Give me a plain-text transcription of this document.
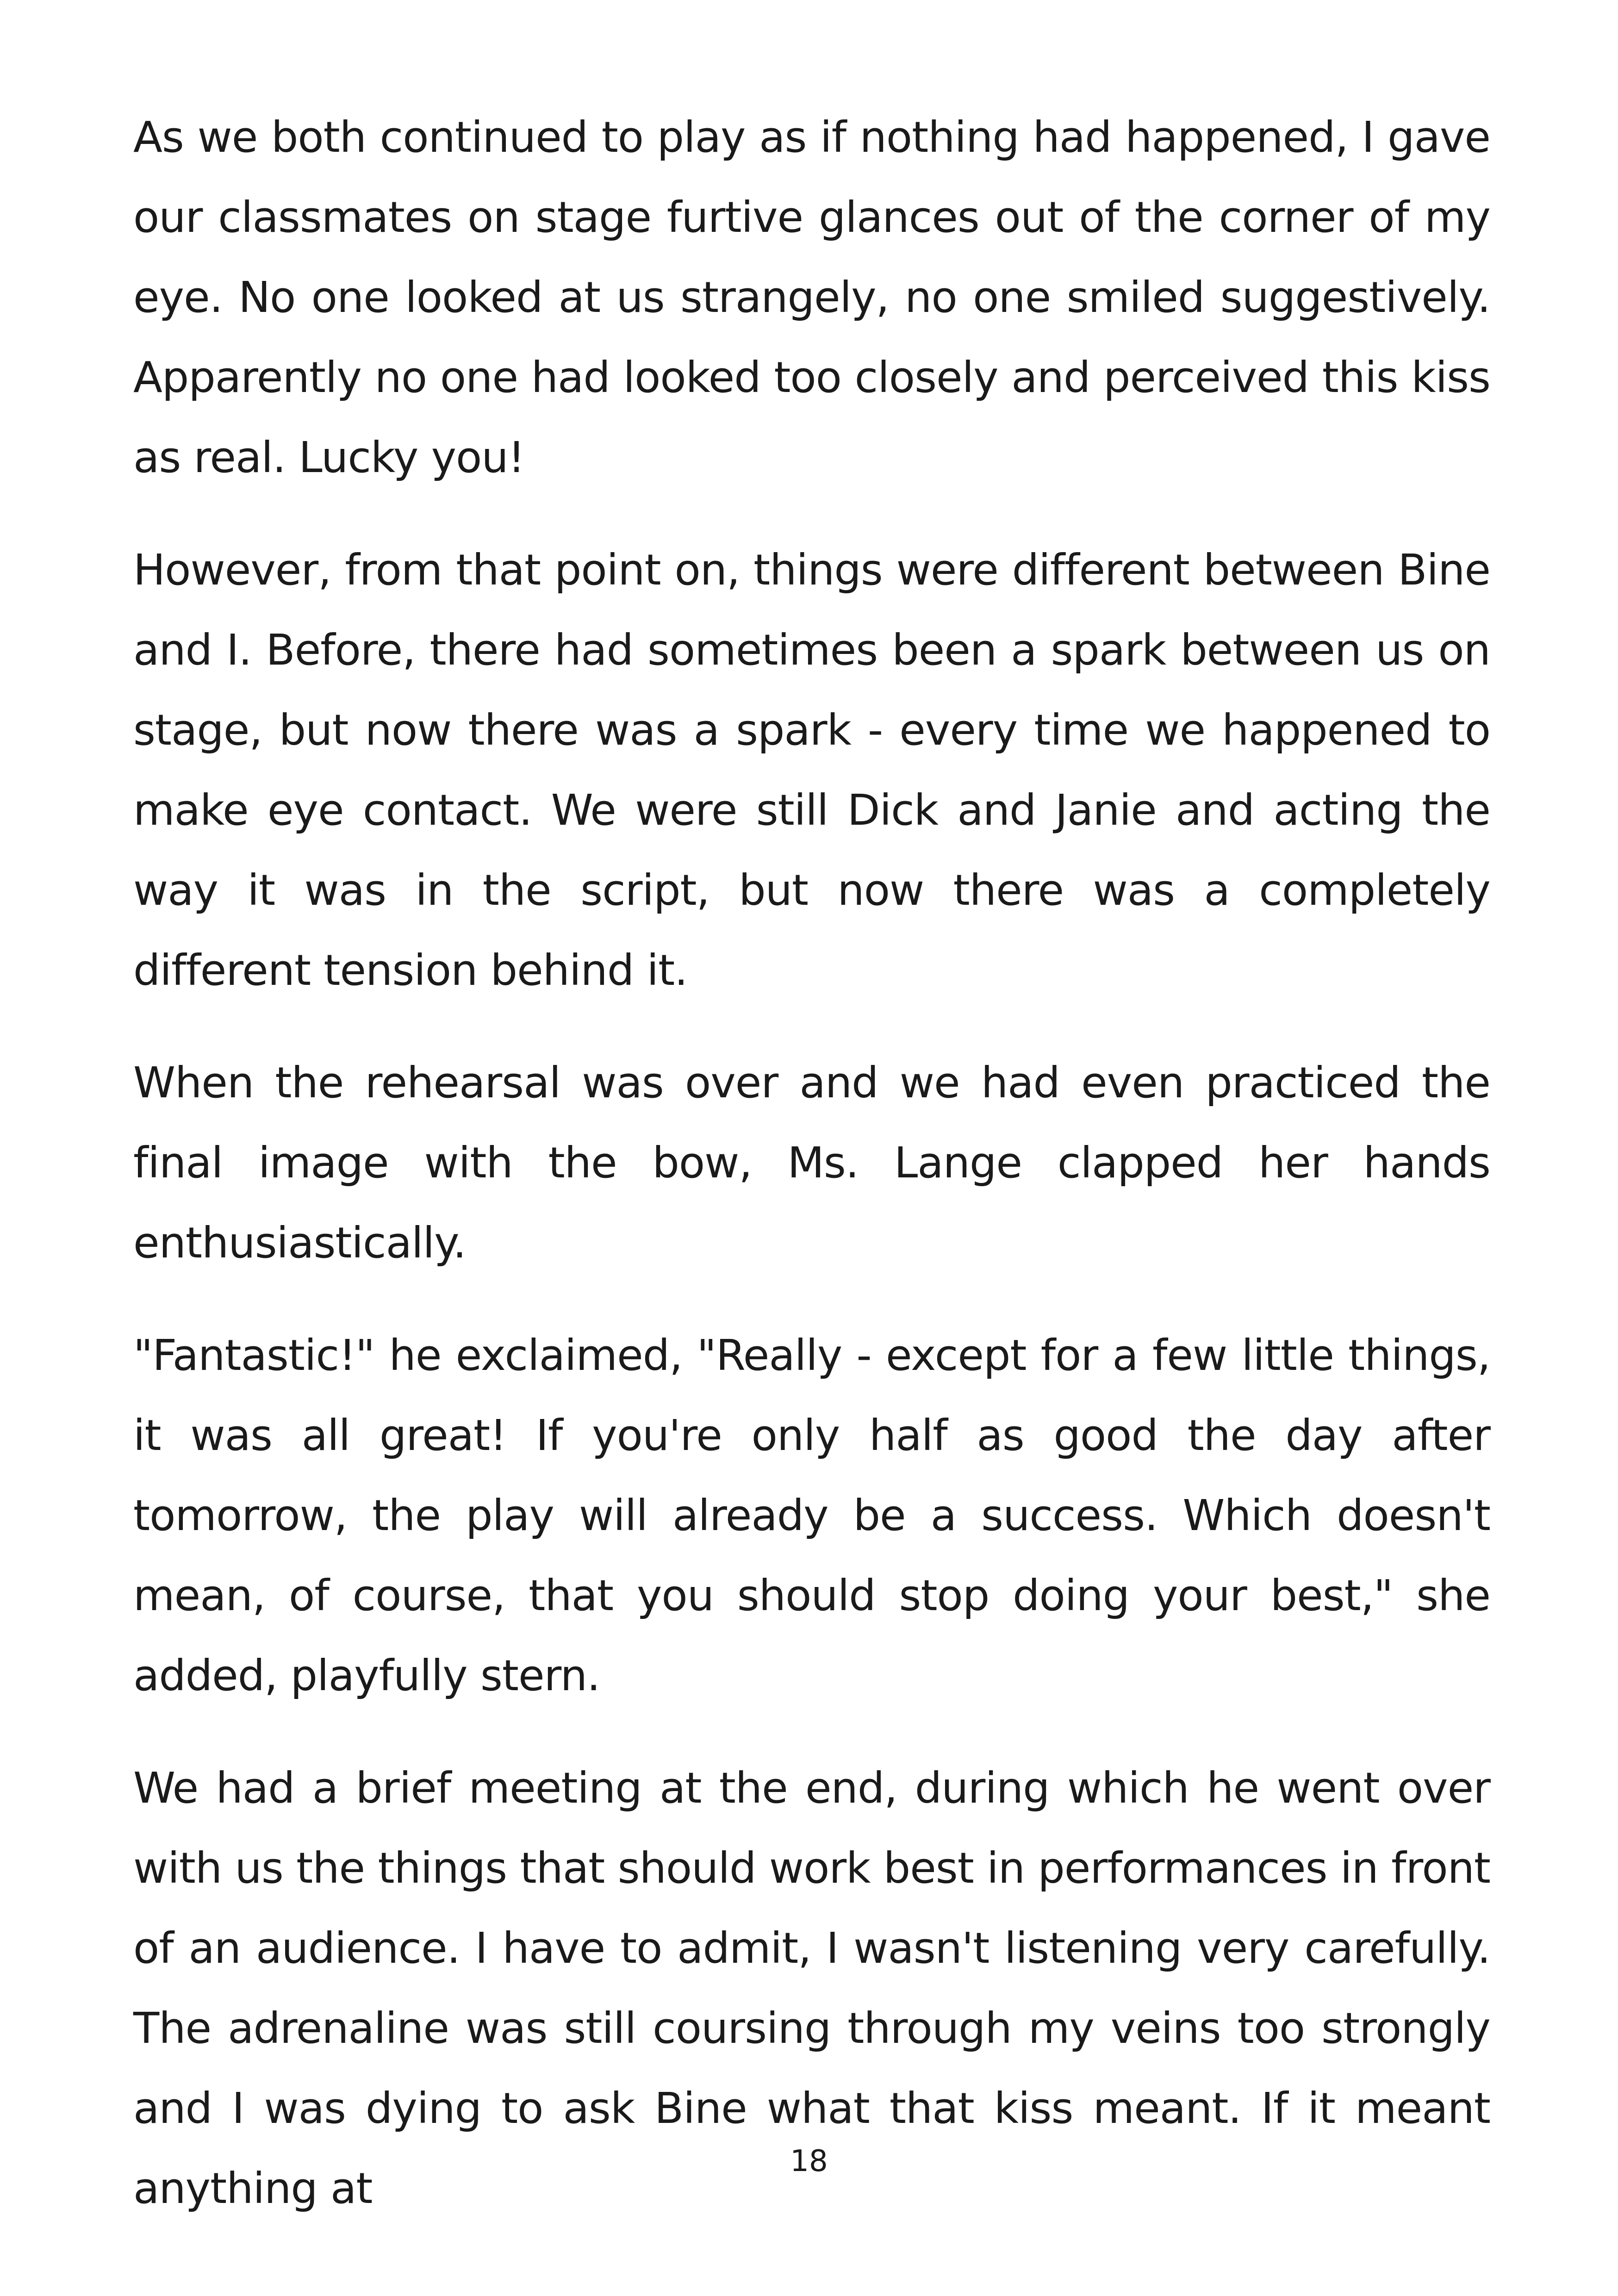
As we both continued to play as if nothing had happened, I gave our classmates on stage furtive glances out of the corner of my eye. No one looked at us strangely, no one smiled suggestively. Apparently no one had looked too closely and perceived this kiss as real. Lucky you!

However, from that point on, things were different between Bine and I. Before, there had sometimes been a spark between us on stage, but now there was a spark - every time we happened to make eye contact. We were still Dick and Janie and acting the way it was in the script, but now there was a completely different tension behind it.

When the rehearsal was over and we had even practiced the final image with the bow, Ms. Lange clapped her hands enthusiastically.

"Fantastic!" he exclaimed, "Really - except for a few little things, it was all great! If you're only half as good the day after tomorrow, the play will already be a success. Which doesn't mean, of course, that you should stop doing your best," she added, playfully stern.

We had a brief meeting at the end, during which he went over with us the things that should work best in performances in front of an audience. I have to admit, I wasn't listening very carefully. The adrenaline was still coursing through my veins too strongly and I was dying to ask Bine what that kiss meant. If it meant anything at

18
